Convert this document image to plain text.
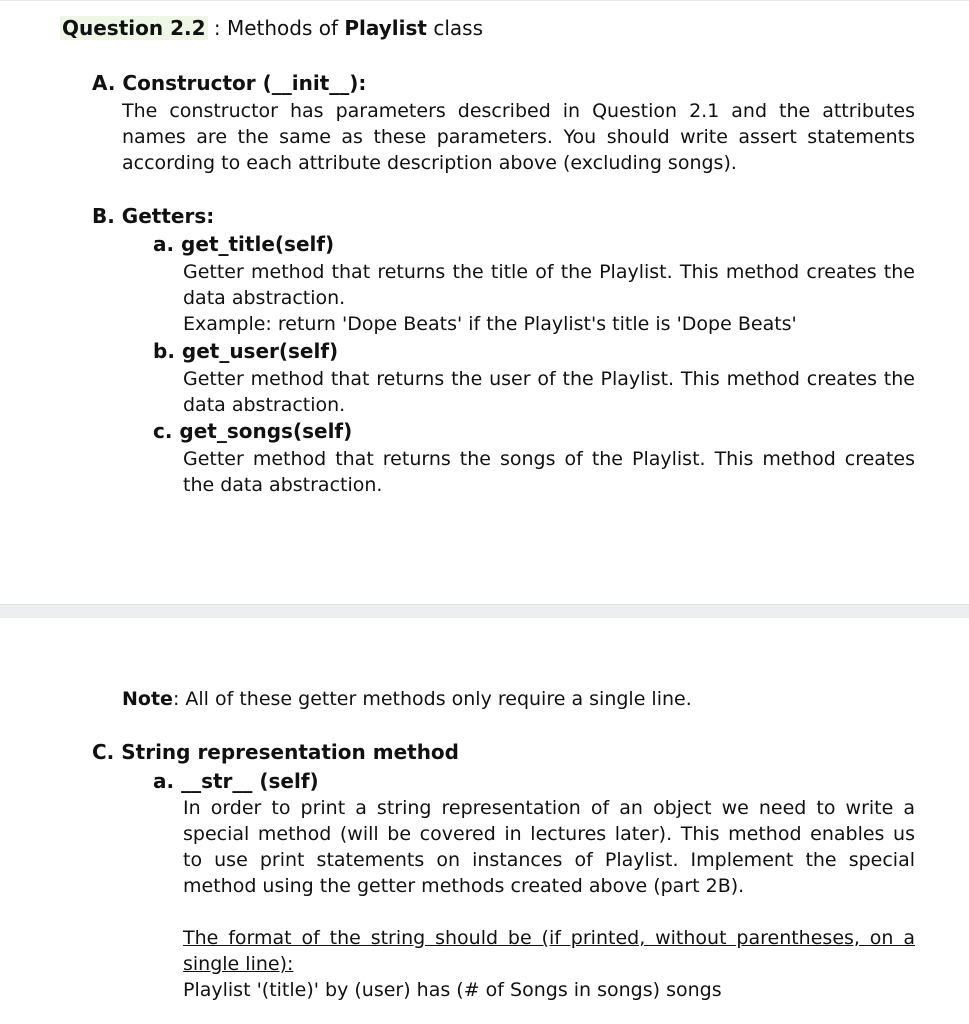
Question 2.2 : Methods of Playlist class
A. Constructor (__init__):
The constructor has parameters described in Question 2.1 and the attributes
names are the same as these parameters. You should write assert statements
according to each attribute description above (excluding songs).
B. Getters:
a. get_title(self)
Getter method that returns the title of the Playlist. This method creates the
data abstraction.
Example: return 'Dope Beats' if the Playlist's title is 'Dope Beats'
b. get_user(self)
Getter method that returns the user of the Playlist. This method creates the
data abstraction.
c. get_songs(self)
Getter method that returns the songs of the Playlist. This method creates
the data abstraction.
Note: All of these getter methods only require a single line.
C. String representation method
a. __str__ (self)
In order to print a string representation of an object we need to write a
special method (will be covered in lectures later). This method enables us
to use print statements on instances of Playlist. Implement the special
method using the getter methods created above (part 2B).
The format of the string should be (if printed, without parentheses, on a
single line):
Playlist '(title)' by (user) has (# of Songs in songs) songs
